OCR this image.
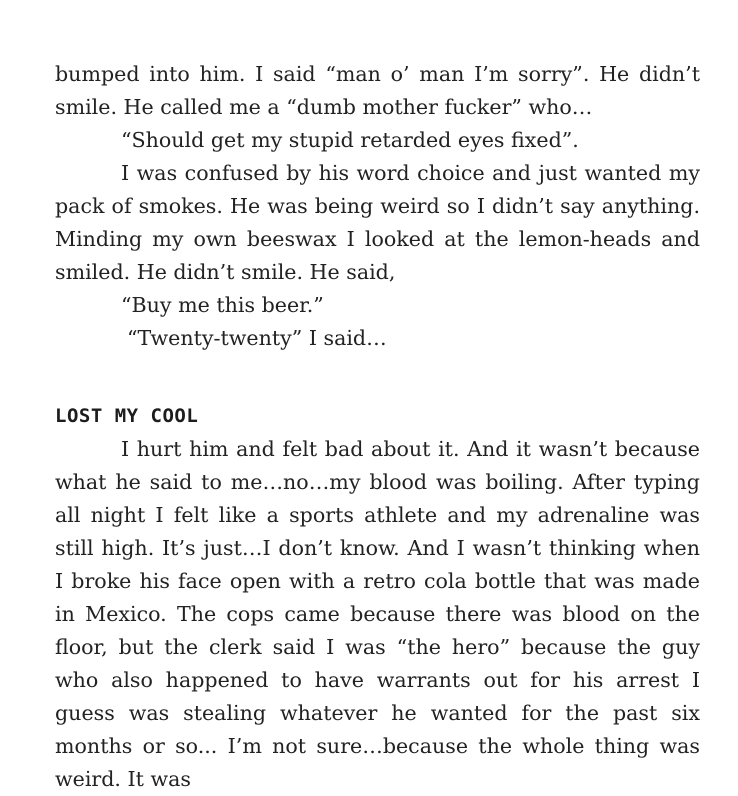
bumped into him. I said “man o’ man I’m sorry”. He didn’t smile. He called me a “dumb mother fucker” who…

“Should get my stupid retarded eyes fixed”.

I was confused by his word choice and just wanted my pack of smokes. He was being weird so I didn’t say anything. Minding my own beeswax I looked at the lemon-heads and smiled. He didn’t smile. He said,

“Buy me this beer.”

“Twenty-twenty” I said…

LOST MY COOL

I hurt him and felt bad about it. And it wasn’t because what he said to me…no…my blood was boiling. After typing all night I felt like a sports athlete and my adrenaline was still high. It’s just…I don’t know. And I wasn’t thinking when I broke his face open with a retro cola bottle that was made in Mexico. The cops came because there was blood on the floor, but the clerk said I was “the hero” because the guy who also happened to have warrants out for his arrest I guess was stealing whatever he wanted for the past six months or so... I’m not sure…because the whole thing was weird. It was
